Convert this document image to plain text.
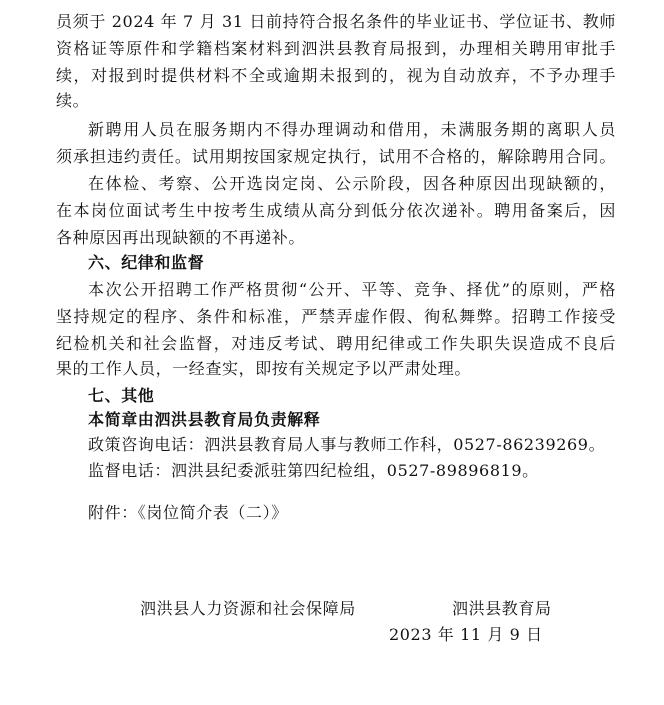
员须于 2024 年 7 月 31 日前持符合报名条件的毕业证书、学位证书、教师
资格证等原件和学籍档案材料到泗洪县教育局报到，办理相关聘用审批手
续，对报到时提供材料不全或逾期未报到的，视为自动放弃，不予办理手
续。
新聘用人员在服务期内不得办理调动和借用，未满服务期的离职人员
须承担违约责任。试用期按国家规定执行，试用不合格的，解除聘用合同。
在体检、考察、公开选岗定岗、公示阶段，因各种原因出现缺额的，
在本岗位面试考生中按考生成绩从高分到低分依次递补。聘用备案后，因
各种原因再出现缺额的不再递补。
六、纪律和监督
本次公开招聘工作严格贯彻“公开、平等、竞争、择优”的原则，严格
坚持规定的程序、条件和标准，严禁弄虚作假、徇私舞弊。招聘工作接受
纪检机关和社会监督，对违反考试、聘用纪律或工作失职失误造成不良后
果的工作人员，一经查实，即按有关规定予以严肃处理。
七、其他
本简章由泗洪县教育局负责解释
政策咨询电话：泗洪县教育局人事与教师工作科，0527-86239269。
监督电话：泗洪县纪委派驻第四纪检组，0527-89896819。
附件：《岗位简介表（二）》
泗洪县人力资源和社会保障局	泗洪县教育局
2023 年 11 月 9 日
